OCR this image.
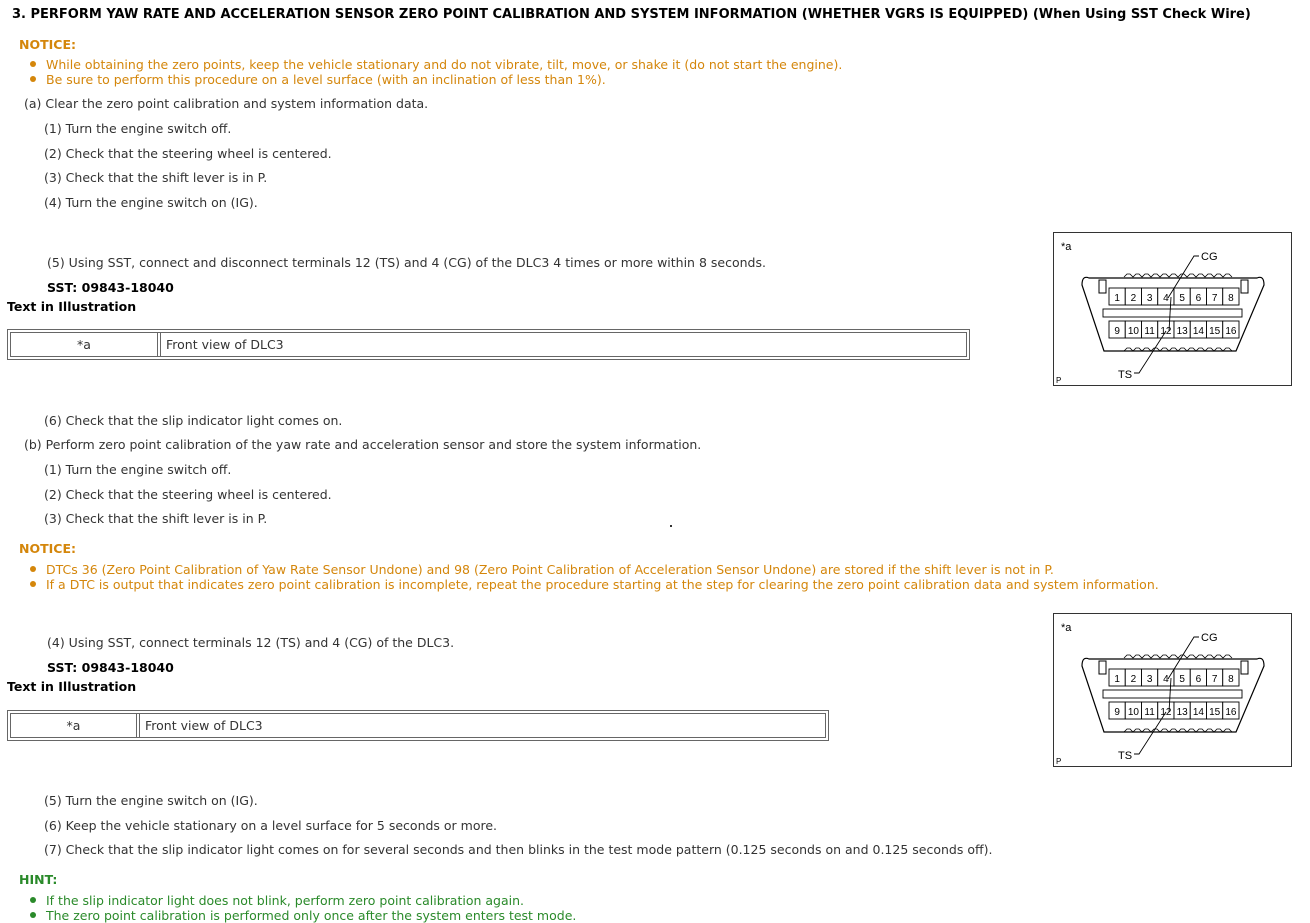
3. PERFORM YAW RATE AND ACCELERATION SENSOR ZERO POINT CALIBRATION AND SYSTEM INFORMATION (WHETHER VGRS IS EQUIPPED) (When Using SST Check Wire)
NOTICE:
While obtaining the zero points, keep the vehicle stationary and do not vibrate, tilt, move, or shake it (do not start the engine).
Be sure to perform this procedure on a level surface (with an inclination of less than 1%).
(a) Clear the zero point calibration and system information data.
(1) Turn the engine switch off.
(2) Check that the steering wheel is centered.
(3) Check that the shift lever is in P.
(4) Turn the engine switch on (IG).
(5) Using SST, connect and disconnect terminals 12 (TS) and 4 (CG) of the DLC3 4 times or more within 8 seconds.
SST: 09843-18040
Text in Illustration
*a	Front view of DLC3
(6) Check that the slip indicator light comes on.
(b) Perform zero point calibration of the yaw rate and acceleration sensor and store the system information.
(1) Turn the engine switch off.
(2) Check that the steering wheel is centered.
(3) Check that the shift lever is in P.
NOTICE:
DTCs 36 (Zero Point Calibration of Yaw Rate Sensor Undone) and 98 (Zero Point Calibration of Acceleration Sensor Undone) are stored if the shift lever is not in P.
If a DTC is output that indicates zero point calibration is incomplete, repeat the procedure starting at the step for clearing the zero point calibration data and system information.
(4) Using SST, connect terminals 12 (TS) and 4 (CG) of the DLC3.
SST: 09843-18040
Text in Illustration
*a	Front view of DLC3
(5) Turn the engine switch on (IG).
(6) Keep the vehicle stationary on a level surface for 5 seconds or more.
(7) Check that the slip indicator light comes on for several seconds and then blinks in the test mode pattern (0.125 seconds on and 0.125 seconds off).
HINT:
If the slip indicator light does not blink, perform zero point calibration again.
The zero point calibration is performed only once after the system enters test mode.
*a
P
1 2 3 4 5 6 7 8
9 10 11 12 13 14 15 16
CG
TS
*a
P
1 2 3 4 5 6 7 8
9 10 11 12 13 14 15 16
CG
TS
